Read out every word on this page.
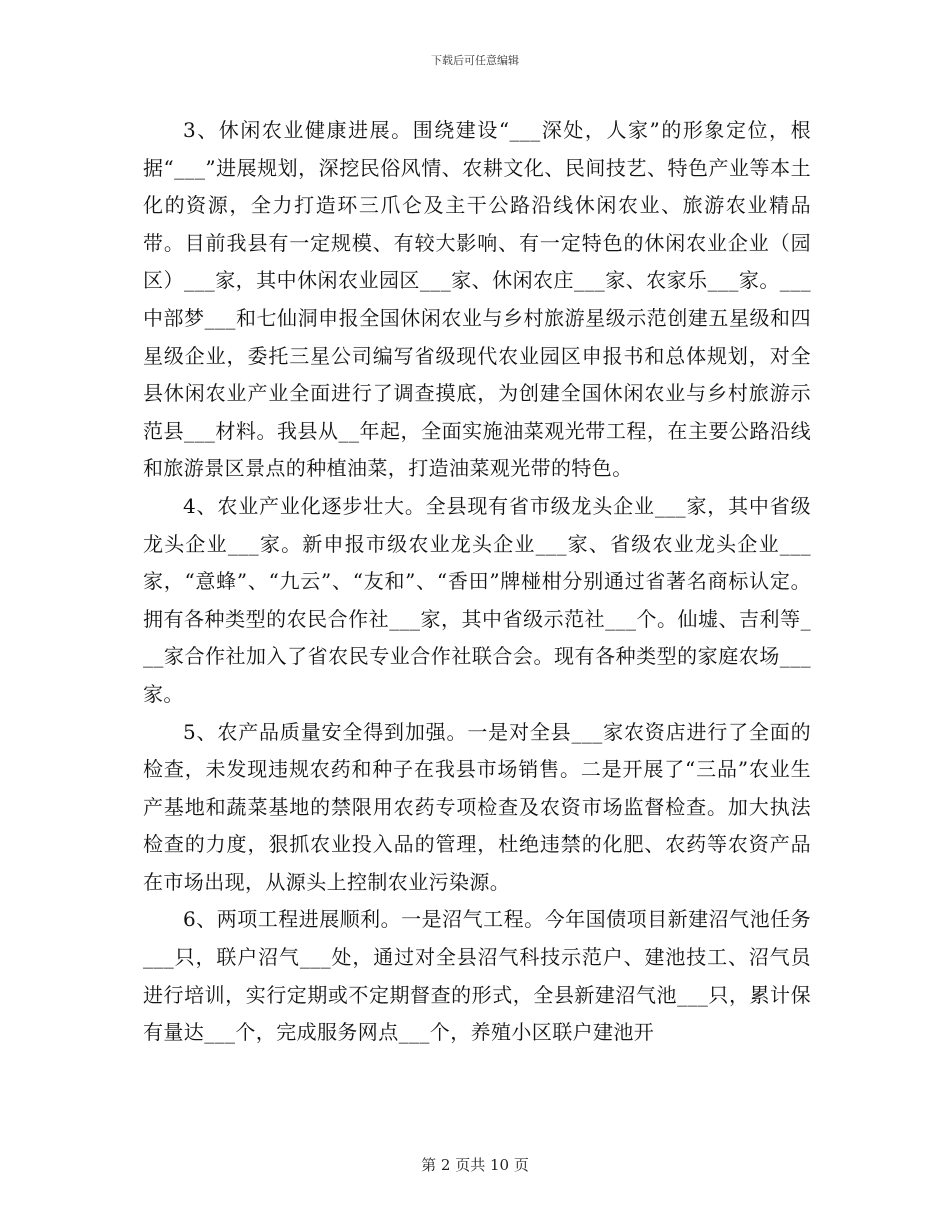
下载后可任意编辑

3、休闲农业健康进展。围绕建设“___深处，人家”的形象定位，根据“___”进展规划，深挖民俗风情、农耕文化、民间技艺、特色产业等本土化的资源，全力打造环三爪仑及主干公路沿线休闲农业、旅游农业精品带。目前我县有一定规模、有较大影响、有一定特色的休闲农业企业（园区）___家，其中休闲农业园区___家、休闲农庄___家、农家乐___家。___中部梦___和七仙洞申报全国休闲农业与乡村旅游星级示范创建五星级和四星级企业，委托三星公司编写省级现代农业园区申报书和总体规划，对全县休闲农业产业全面进行了调查摸底，为创建全国休闲农业与乡村旅游示范县___材料。我县从__年起，全面实施油菜观光带工程，在主要公路沿线和旅游景区景点的种植油菜，打造油菜观光带的特色。

4、农业产业化逐步壮大。全县现有省市级龙头企业___家，其中省级龙头企业___家。新申报市级农业龙头企业___家、省级农业龙头企业___家，“意蜂”、“九云”、“友和”、“香田”牌椪柑分别通过省著名商标认定。拥有各种类型的农民合作社___家，其中省级示范社___个。仙墟、吉利等___家合作社加入了省农民专业合作社联合会。现有各种类型的家庭农场___家。

5、农产品质量安全得到加强。一是对全县___家农资店进行了全面的检查，未发现违规农药和种子在我县市场销售。二是开展了“三品”农业生产基地和蔬菜基地的禁限用农药专项检查及农资市场监督检查。加大执法检查的力度，狠抓农业投入品的管理，杜绝违禁的化肥、农药等农资产品在市场出现，从源头上控制农业污染源。

6、两项工程进展顺利。一是沼气工程。今年国债项目新建沼气池任务___只，联户沼气___处，通过对全县沼气科技示范户、建池技工、沼气员进行培训，实行定期或不定期督查的形式，全县新建沼气池___只，累计保有量达___个，完成服务网点___个，养殖小区联户建池开

第 2 页共 10 页
